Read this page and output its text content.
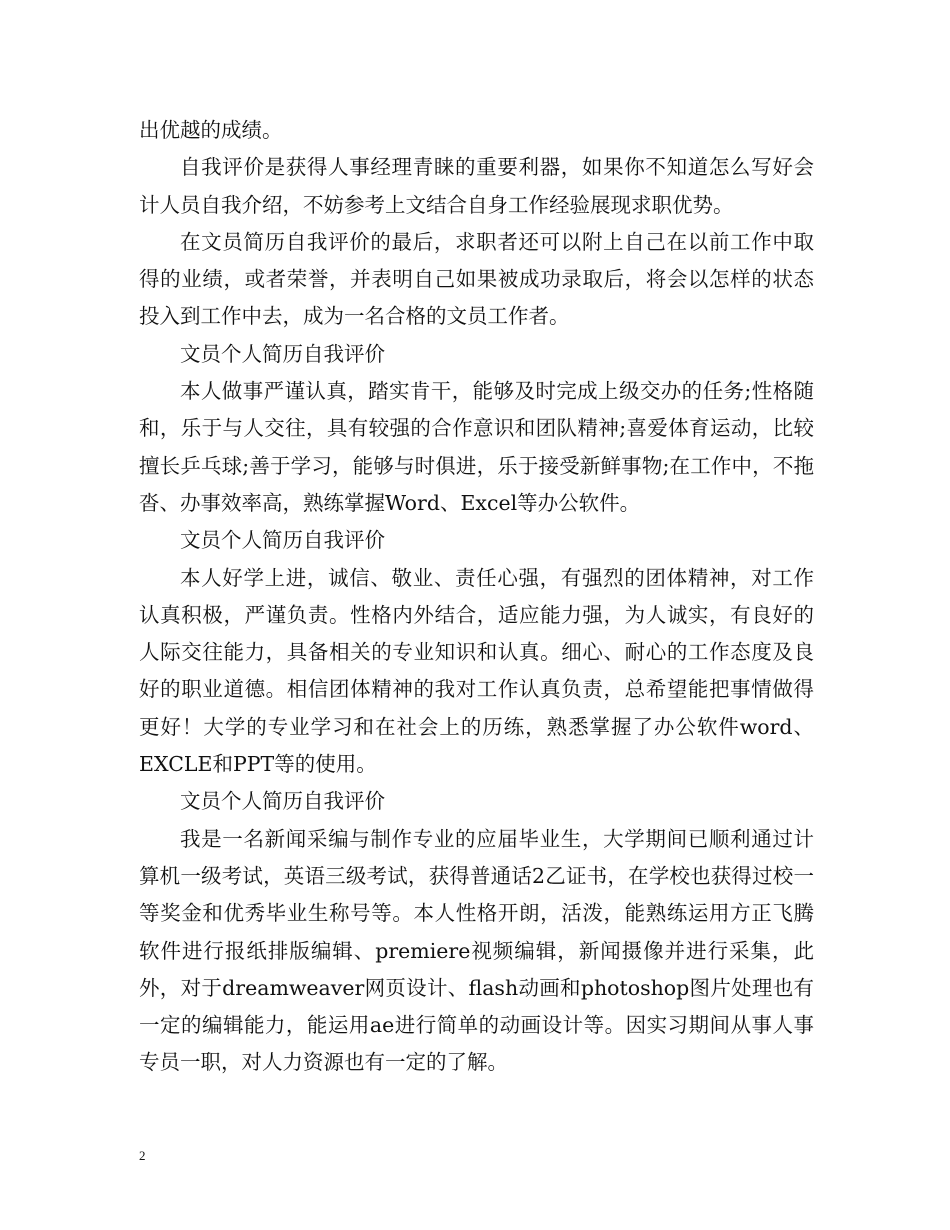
出优越的成绩。

自我评价是获得人事经理青睐的重要利器，如果你不知道怎么写好会计人员自我介绍，不妨参考上文结合自身工作经验展现求职优势。

在文员简历自我评价的最后，求职者还可以附上自己在以前工作中取得的业绩，或者荣誉，并表明自己如果被成功录取后，将会以怎样的状态投入到工作中去，成为一名合格的文员工作者。

文员个人简历自我评价

本人做事严谨认真，踏实肯干，能够及时完成上级交办的任务;性格随和，乐于与人交往，具有较强的合作意识和团队精神;喜爱体育运动，比较擅长乒乓球;善于学习，能够与时俱进，乐于接受新鲜事物;在工作中，不拖沓、办事效率高，熟练掌握Word、Excel等办公软件。

文员个人简历自我评价

本人好学上进，诚信、敬业、责任心强，有强烈的团体精神，对工作认真积极，严谨负责。性格内外结合，适应能力强，为人诚实，有良好的人际交往能力，具备相关的专业知识和认真。细心、耐心的工作态度及良好的职业道德。相信团体精神的我对工作认真负责，总希望能把事情做得更好！大学的专业学习和在社会上的历练，熟悉掌握了办公软件word、EXCLE和PPT等的使用。

文员个人简历自我评价

我是一名新闻采编与制作专业的应届毕业生，大学期间已顺利通过计算机一级考试，英语三级考试，获得普通话2乙证书，在学校也获得过校一等奖金和优秀毕业生称号等。本人性格开朗，活泼，能熟练运用方正飞腾软件进行报纸排版编辑、premiere视频编辑，新闻摄像并进行采集，此外，对于dreamweaver网页设计、flash动画和photoshop图片处理也有一定的编辑能力，能运用ae进行简单的动画设计等。因实习期间从事人事专员一职，对人力资源也有一定的了解。

2
